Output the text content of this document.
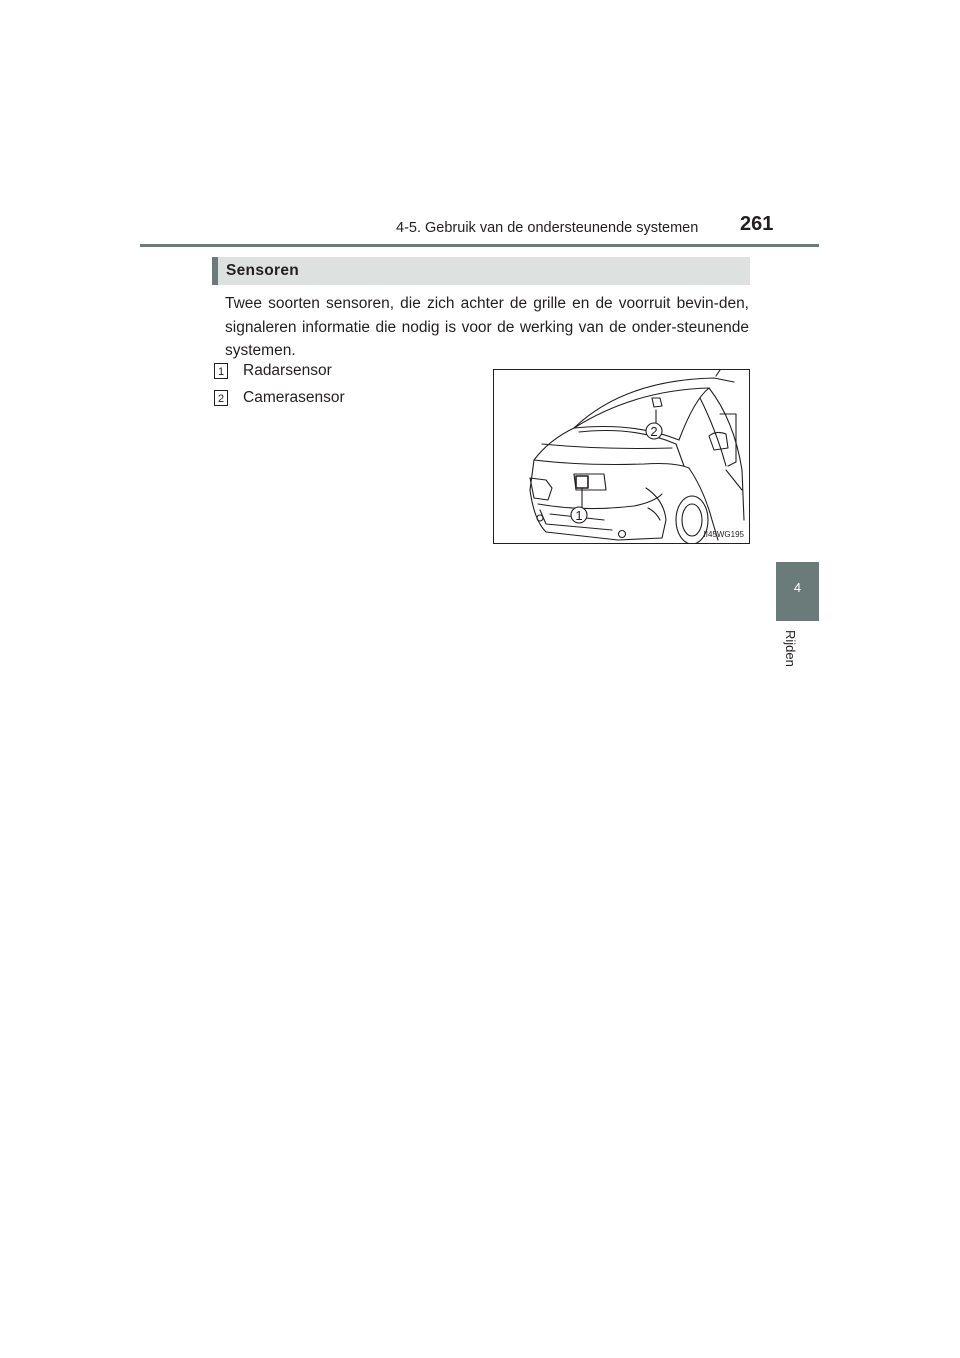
4-5. Gebruik van de ondersteunende systemen 261
4
Rijden
Sensoren
Twee soorten sensoren, die zich achter de grille en de voorruit bevin-den, signaleren informatie die nodig is voor de werking van de onder-steunende systemen.
1 Radarsensor
2 Camerasensor
2
1
II45WG195
